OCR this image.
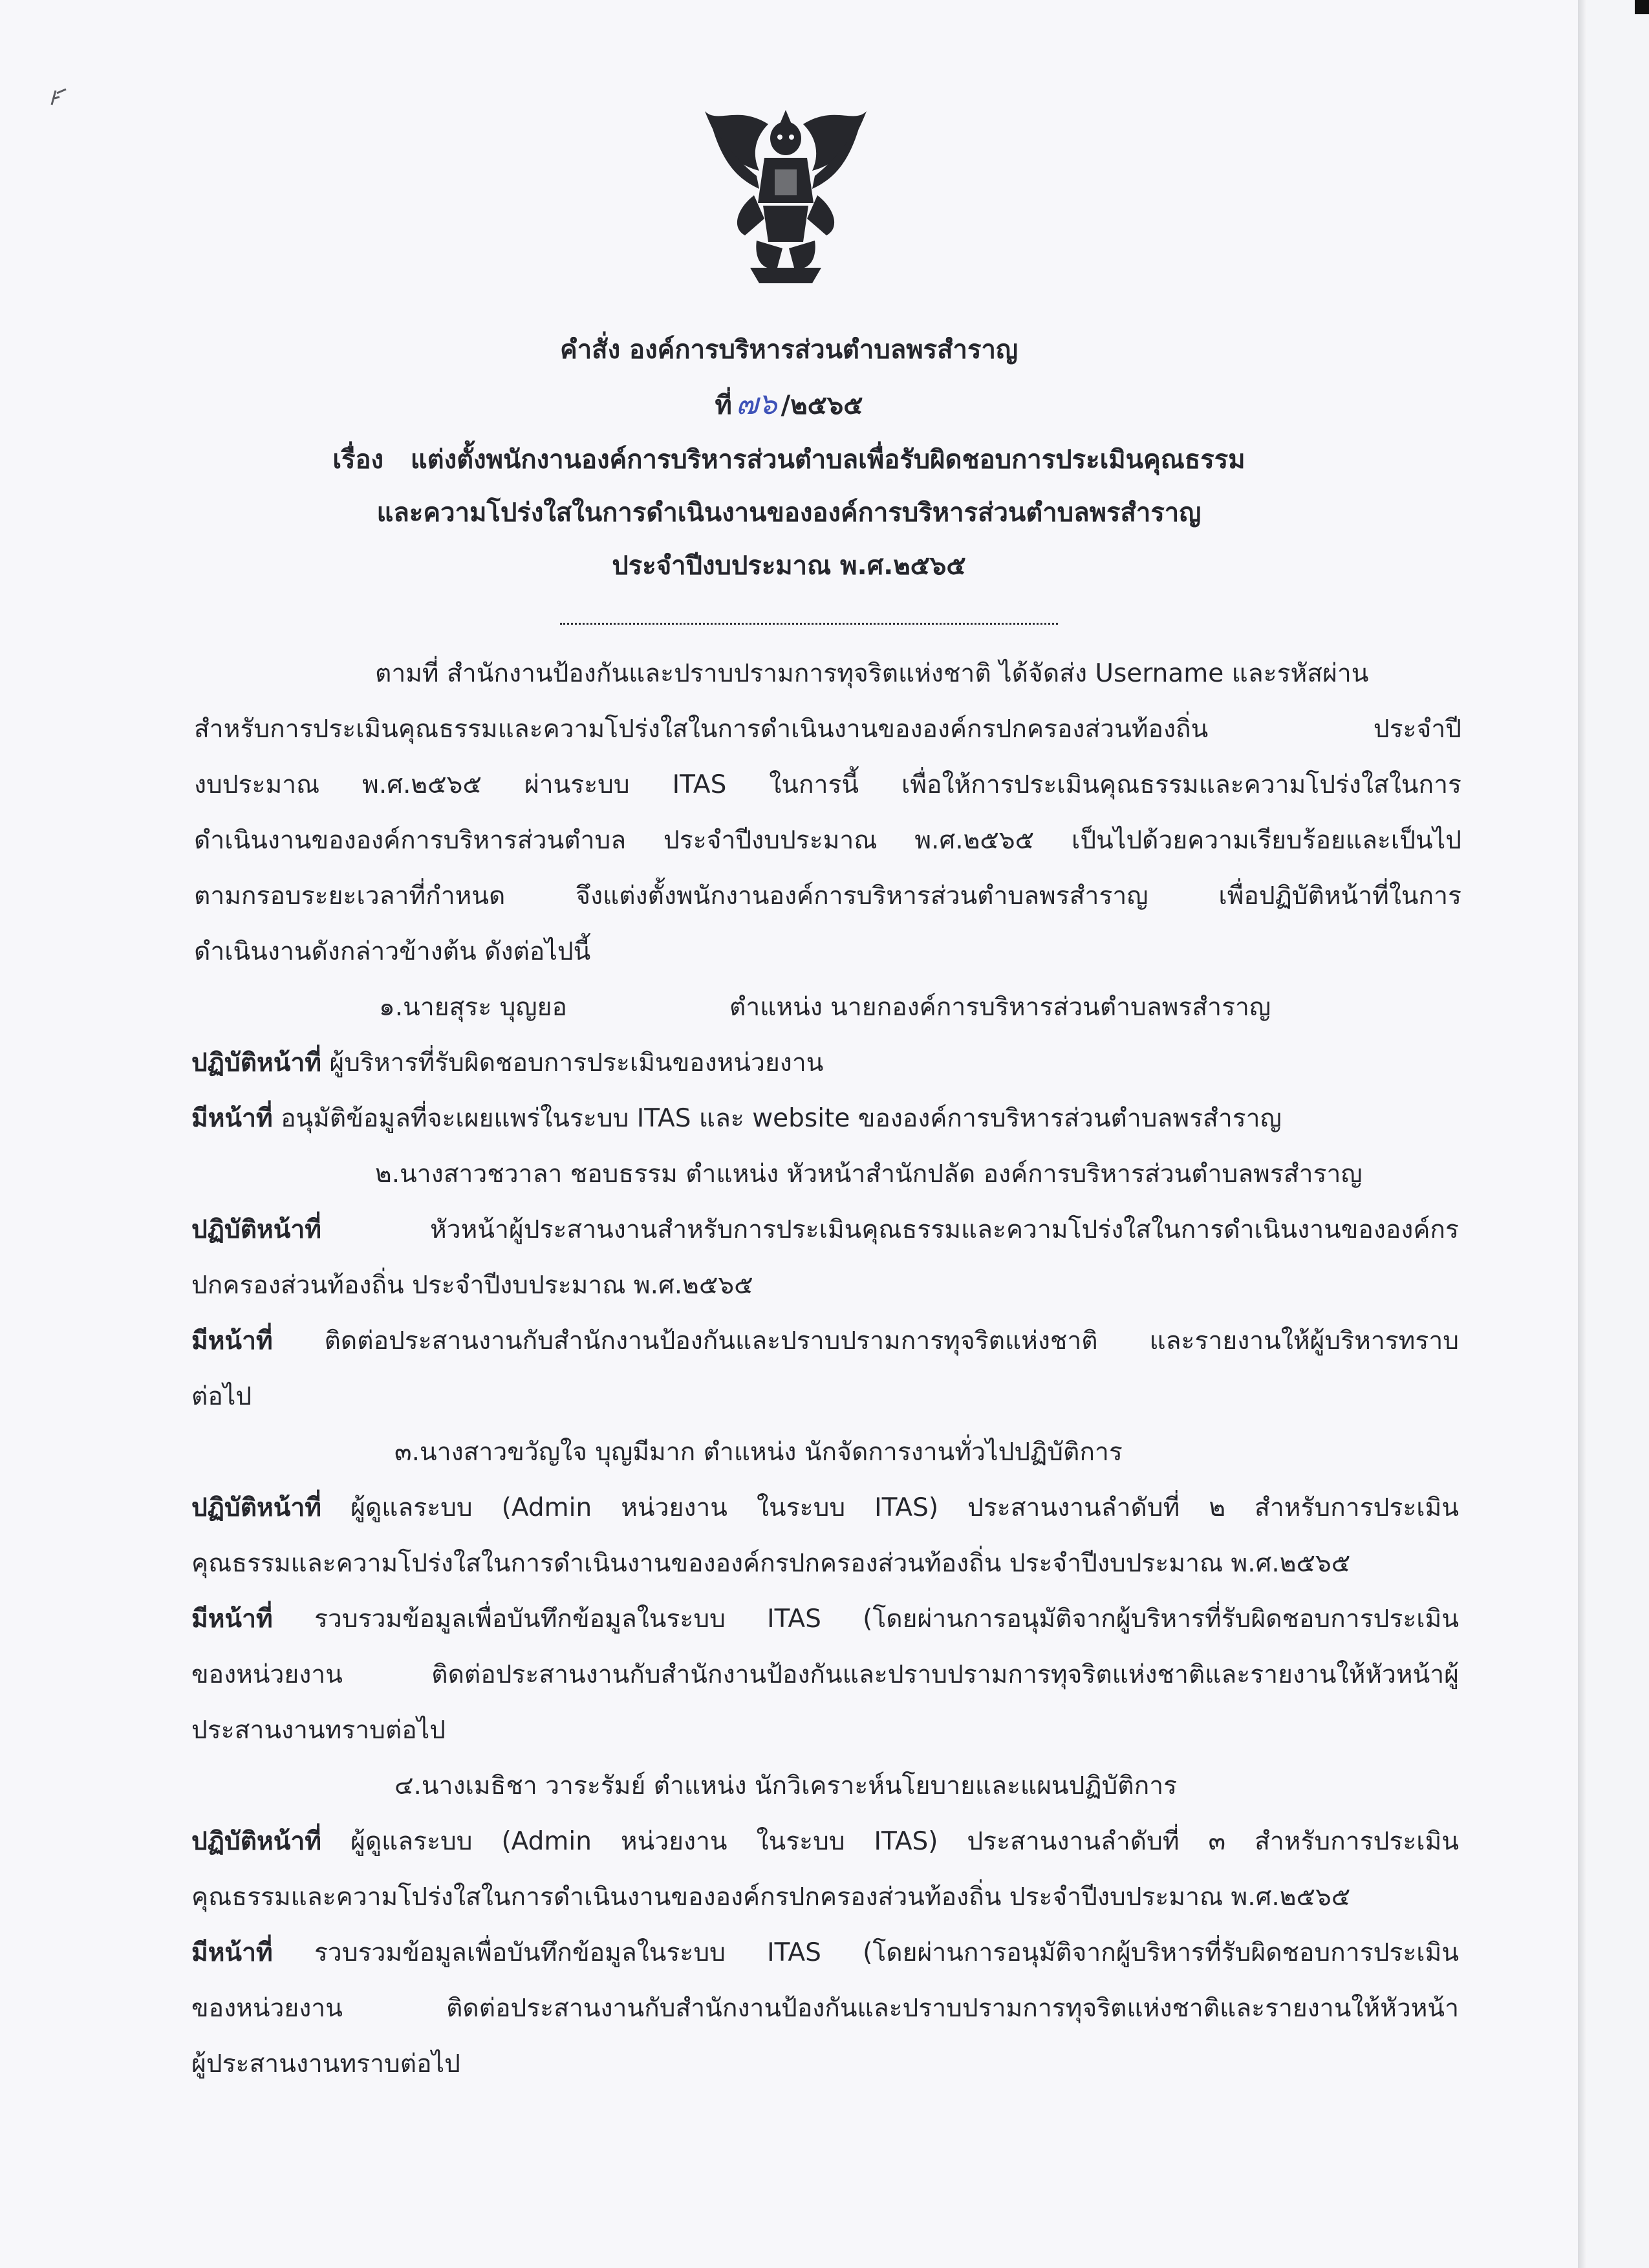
คำสั่ง องค์การบริหารส่วนตำบลพรสำราญ
ที่ ๗๖ /๒๕๖๕
เรื่อง แต่งตั้งพนักงานองค์การบริหารส่วนตำบลเพื่อรับผิดชอบการประเมินคุณธรรม
และความโปร่งใสในการดำเนินงานขององค์การบริหารส่วนตำบลพรสำราญ
ประจำปีงบประมาณ พ.ศ.๒๕๖๕
ตามที่ สำนักงานป้องกันและปราบปรามการทุจริตแห่งชาติ ได้จัดส่ง Username และรหัสผ่าน
สำหรับการประเมินคุณธรรมและความโปร่งใสในการดำเนินงานขององค์กรปกครองส่วนท้องถิ่น ประจำปี
งบประมาณ พ.ศ.๒๕๖๕ ผ่านระบบ ITAS ในการนี้ เพื่อให้การประเมินคุณธรรมและความโปร่งใสในการ
ดำเนินงานขององค์การบริหารส่วนตำบล ประจำปีงบประมาณ พ.ศ.๒๕๖๕ เป็นไปด้วยความเรียบร้อยและเป็นไป
ตามกรอบระยะเวลาที่กำหนด จึงแต่งตั้งพนักงานองค์การบริหารส่วนตำบลพรสำราญ เพื่อปฏิบัติหน้าที่ในการ
ดำเนินงานดังกล่าวข้างต้น ดังต่อไปนี้
๑.นายสุระ บุญยอ	ตำแหน่ง นายกองค์การบริหารส่วนตำบลพรสำราญ
ปฏิบัติหน้าที่ ผู้บริหารที่รับผิดชอบการประเมินของหน่วยงาน
มีหน้าที่ อนุมัติข้อมูลที่จะเผยแพร่ในระบบ ITAS และ website ขององค์การบริหารส่วนตำบลพรสำราญ
๒.นางสาวชวาลา ชอบธรรม ตำแหน่ง หัวหน้าสำนักปลัด องค์การบริหารส่วนตำบลพรสำราญ
ปฏิบัติหน้าที่	หัวหน้าผู้ประสานงานสำหรับการประเมินคุณธรรมและความโปร่งใสในการดำเนินงานขององค์กร
ปกครองส่วนท้องถิ่น ประจำปีงบประมาณ พ.ศ.๒๕๖๕
มีหน้าที่ ติดต่อประสานงานกับสำนักงานป้องกันและปราบปรามการทุจริตแห่งชาติ และรายงานให้ผู้บริหารทราบ
ต่อไป
๓.นางสาวขวัญใจ บุญมีมาก ตำแหน่ง นักจัดการงานทั่วไปปฏิบัติการ
ปฏิบัติหน้าที่ ผู้ดูแลระบบ (Admin หน่วยงาน ในระบบ ITAS) ประสานงานลำดับที่ ๒ สำหรับการประเมิน
คุณธรรมและความโปร่งใสในการดำเนินงานขององค์กรปกครองส่วนท้องถิ่น ประจำปีงบประมาณ พ.ศ.๒๕๖๕
มีหน้าที่ รวบรวมข้อมูลเพื่อบันทึกข้อมูลในระบบ ITAS (โดยผ่านการอนุมัติจากผู้บริหารที่รับผิดชอบการประเมิน
ของหน่วยงาน ติดต่อประสานงานกับสำนักงานป้องกันและปราบปรามการทุจริตแห่งชาติและรายงานให้หัวหน้าผู้
ประสานงานทราบต่อไป
๔.นางเมธิชา วาระรัมย์ ตำแหน่ง นักวิเคราะห์นโยบายและแผนปฏิบัติการ
ปฏิบัติหน้าที่ ผู้ดูแลระบบ (Admin หน่วยงาน ในระบบ ITAS) ประสานงานลำดับที่ ๓ สำหรับการประเมิน
คุณธรรมและความโปร่งใสในการดำเนินงานขององค์กรปกครองส่วนท้องถิ่น ประจำปีงบประมาณ พ.ศ.๒๕๖๕
มีหน้าที่ รวบรวมข้อมูลเพื่อบันทึกข้อมูลในระบบ ITAS (โดยผ่านการอนุมัติจากผู้บริหารที่รับผิดชอบการประเมิน
ของหน่วยงาน ติดต่อประสานงานกับสำนักงานป้องกันและปราบปรามการทุจริตแห่งชาติและรายงานให้หัวหน้า
ผู้ประสานงานทราบต่อไป
